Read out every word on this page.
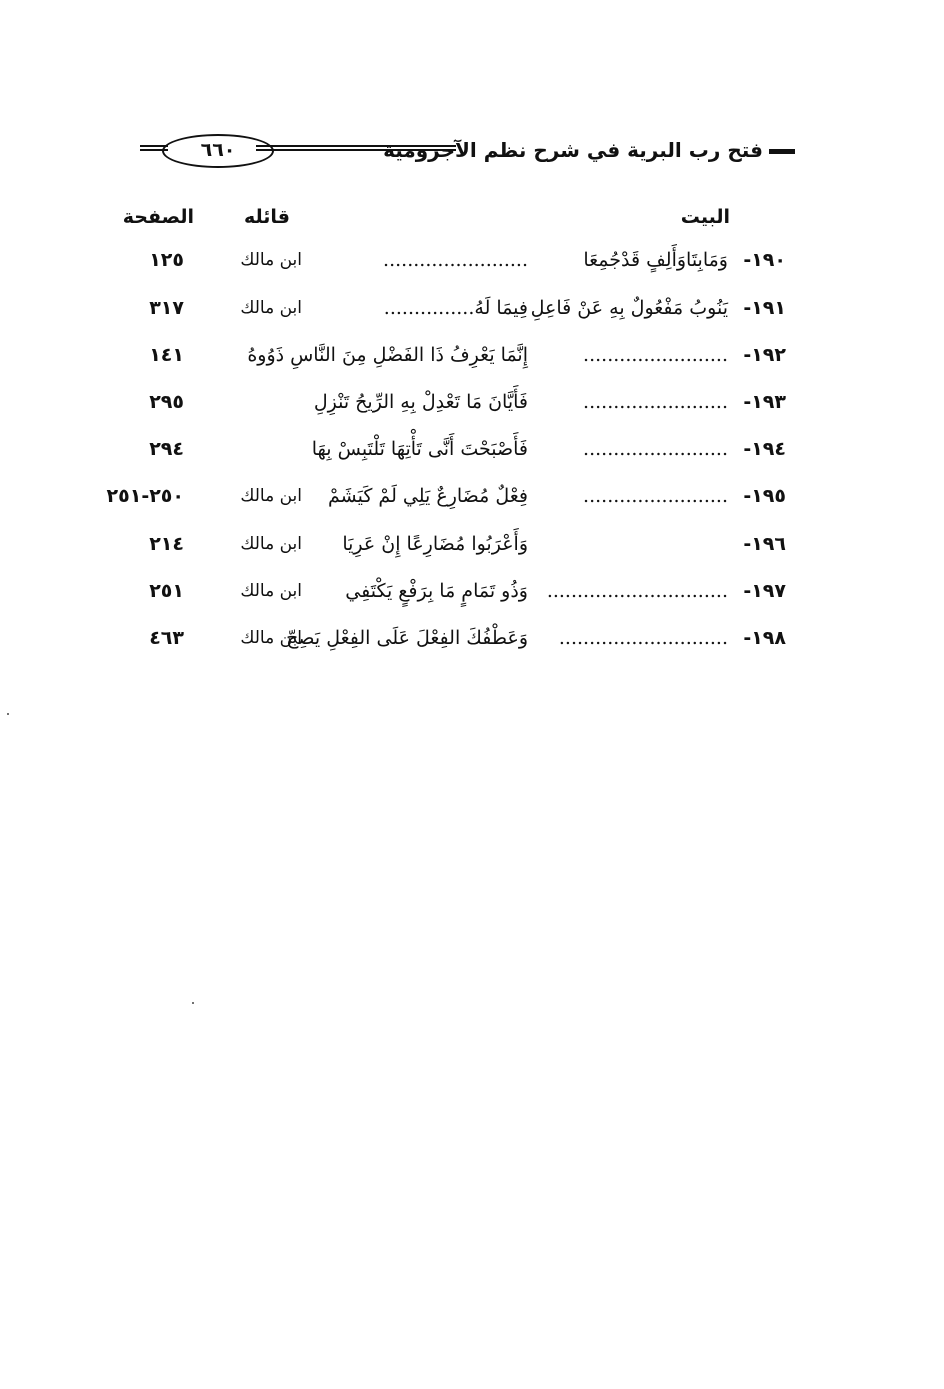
فتح رب البرية في شرح نظم الآجرومية
٦٦٠
البيت
قائله
الصفحة
١٩٠-
وَمَابِتَاوَأَلِفٍ قَدْجُمِعَا
........................
ابن مالك
١٢٥
١٩١-
يَنُوبُ مَفْعُولٌ بِهِ عَنْ فَاعِلِ
فِيمَا لَهُ...............
ابن مالك
٣١٧
١٩٢-
........................
إِنَّمَا يَعْرِفُ ذَا الفَضْلِ مِنَ النَّاسِ ذَوُوهُ
١٤١
١٩٣-
........................
فَأَيَّانَ مَا تَعْدِلْ بِهِ الرِّيحُ تَنْزِلِ
٢٩٥
١٩٤-
........................
فَأَصْبَحْتَ أَنَّى تَأْتِهَا تَلْتَبِسْ بِهَا
٢٩٤
١٩٥-
........................
فِعْلٌ مُضَارِعٌ يَلِي لَمْ كَيَشَمْ
ابن مالك
٢٥٠-٢٥١
١٩٦-
وَأَعْرَبُوا مُضَارِعًا إِنْ عَرِيَا
ابن مالك
٢١٤
١٩٧-
..............................
وَذُو تَمَامٍ مَا بِرَفْعٍ يَكْتَفِي
ابن مالك
٢٥١
١٩٨-
............................
وَعَطْفُكَ الفِعْلَ عَلَى الفِعْلِ يَصِحّ
ابن مالك
٤٦٣
